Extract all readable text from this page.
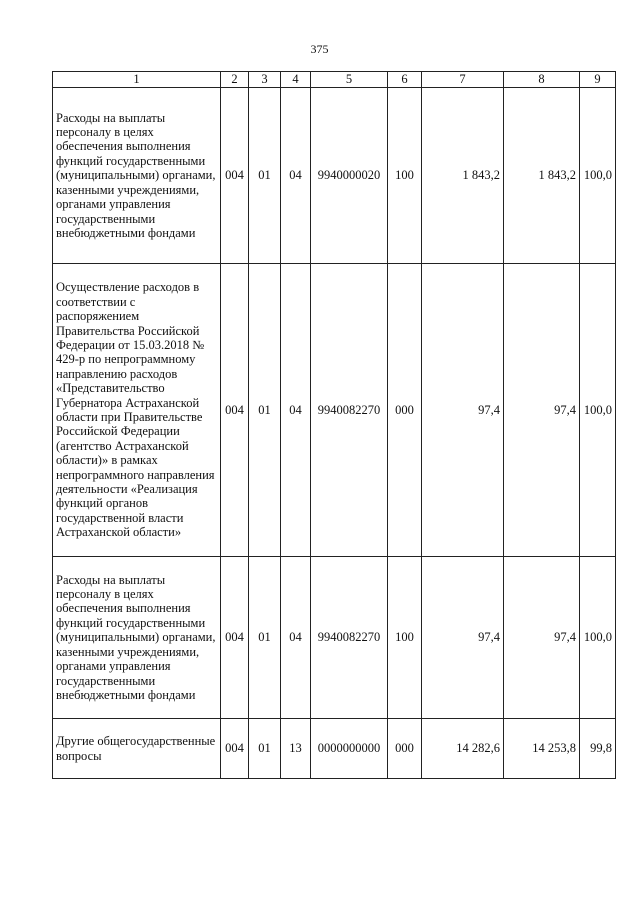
375
1	2	3	4	5	6	7	8	9
Расходы на выплаты персоналу в целях обеспечения выполнения функций государственными (муниципальными) органами, казенными учреждениями, органами управления государственными внебюджетными фондами	004	01	04	9940000020	100	1 843,2	1 843,2	100,0
Осуществление расходов в соответствии с распоряжением Правительства Российской Федерации от 15.03.2018 № 429-р по непрограммному направлению расходов «Представительство Губернатора Астраханской области при Правительстве Российской Федерации (агентство Астраханской области)» в рамках непрограммного направления деятельности «Реализация функций органов государственной власти Астраханской области»	004	01	04	9940082270	000	97,4	97,4	100,0
Расходы на выплаты персоналу в целях обеспечения выполнения функций государственными (муниципальными) органами, казенными учреждениями, органами управления государственными внебюджетными фондами	004	01	04	9940082270	100	97,4	97,4	100,0
Другие общегосударственные вопросы	004	01	13	0000000000	000	14 282,6	14 253,8	99,8
